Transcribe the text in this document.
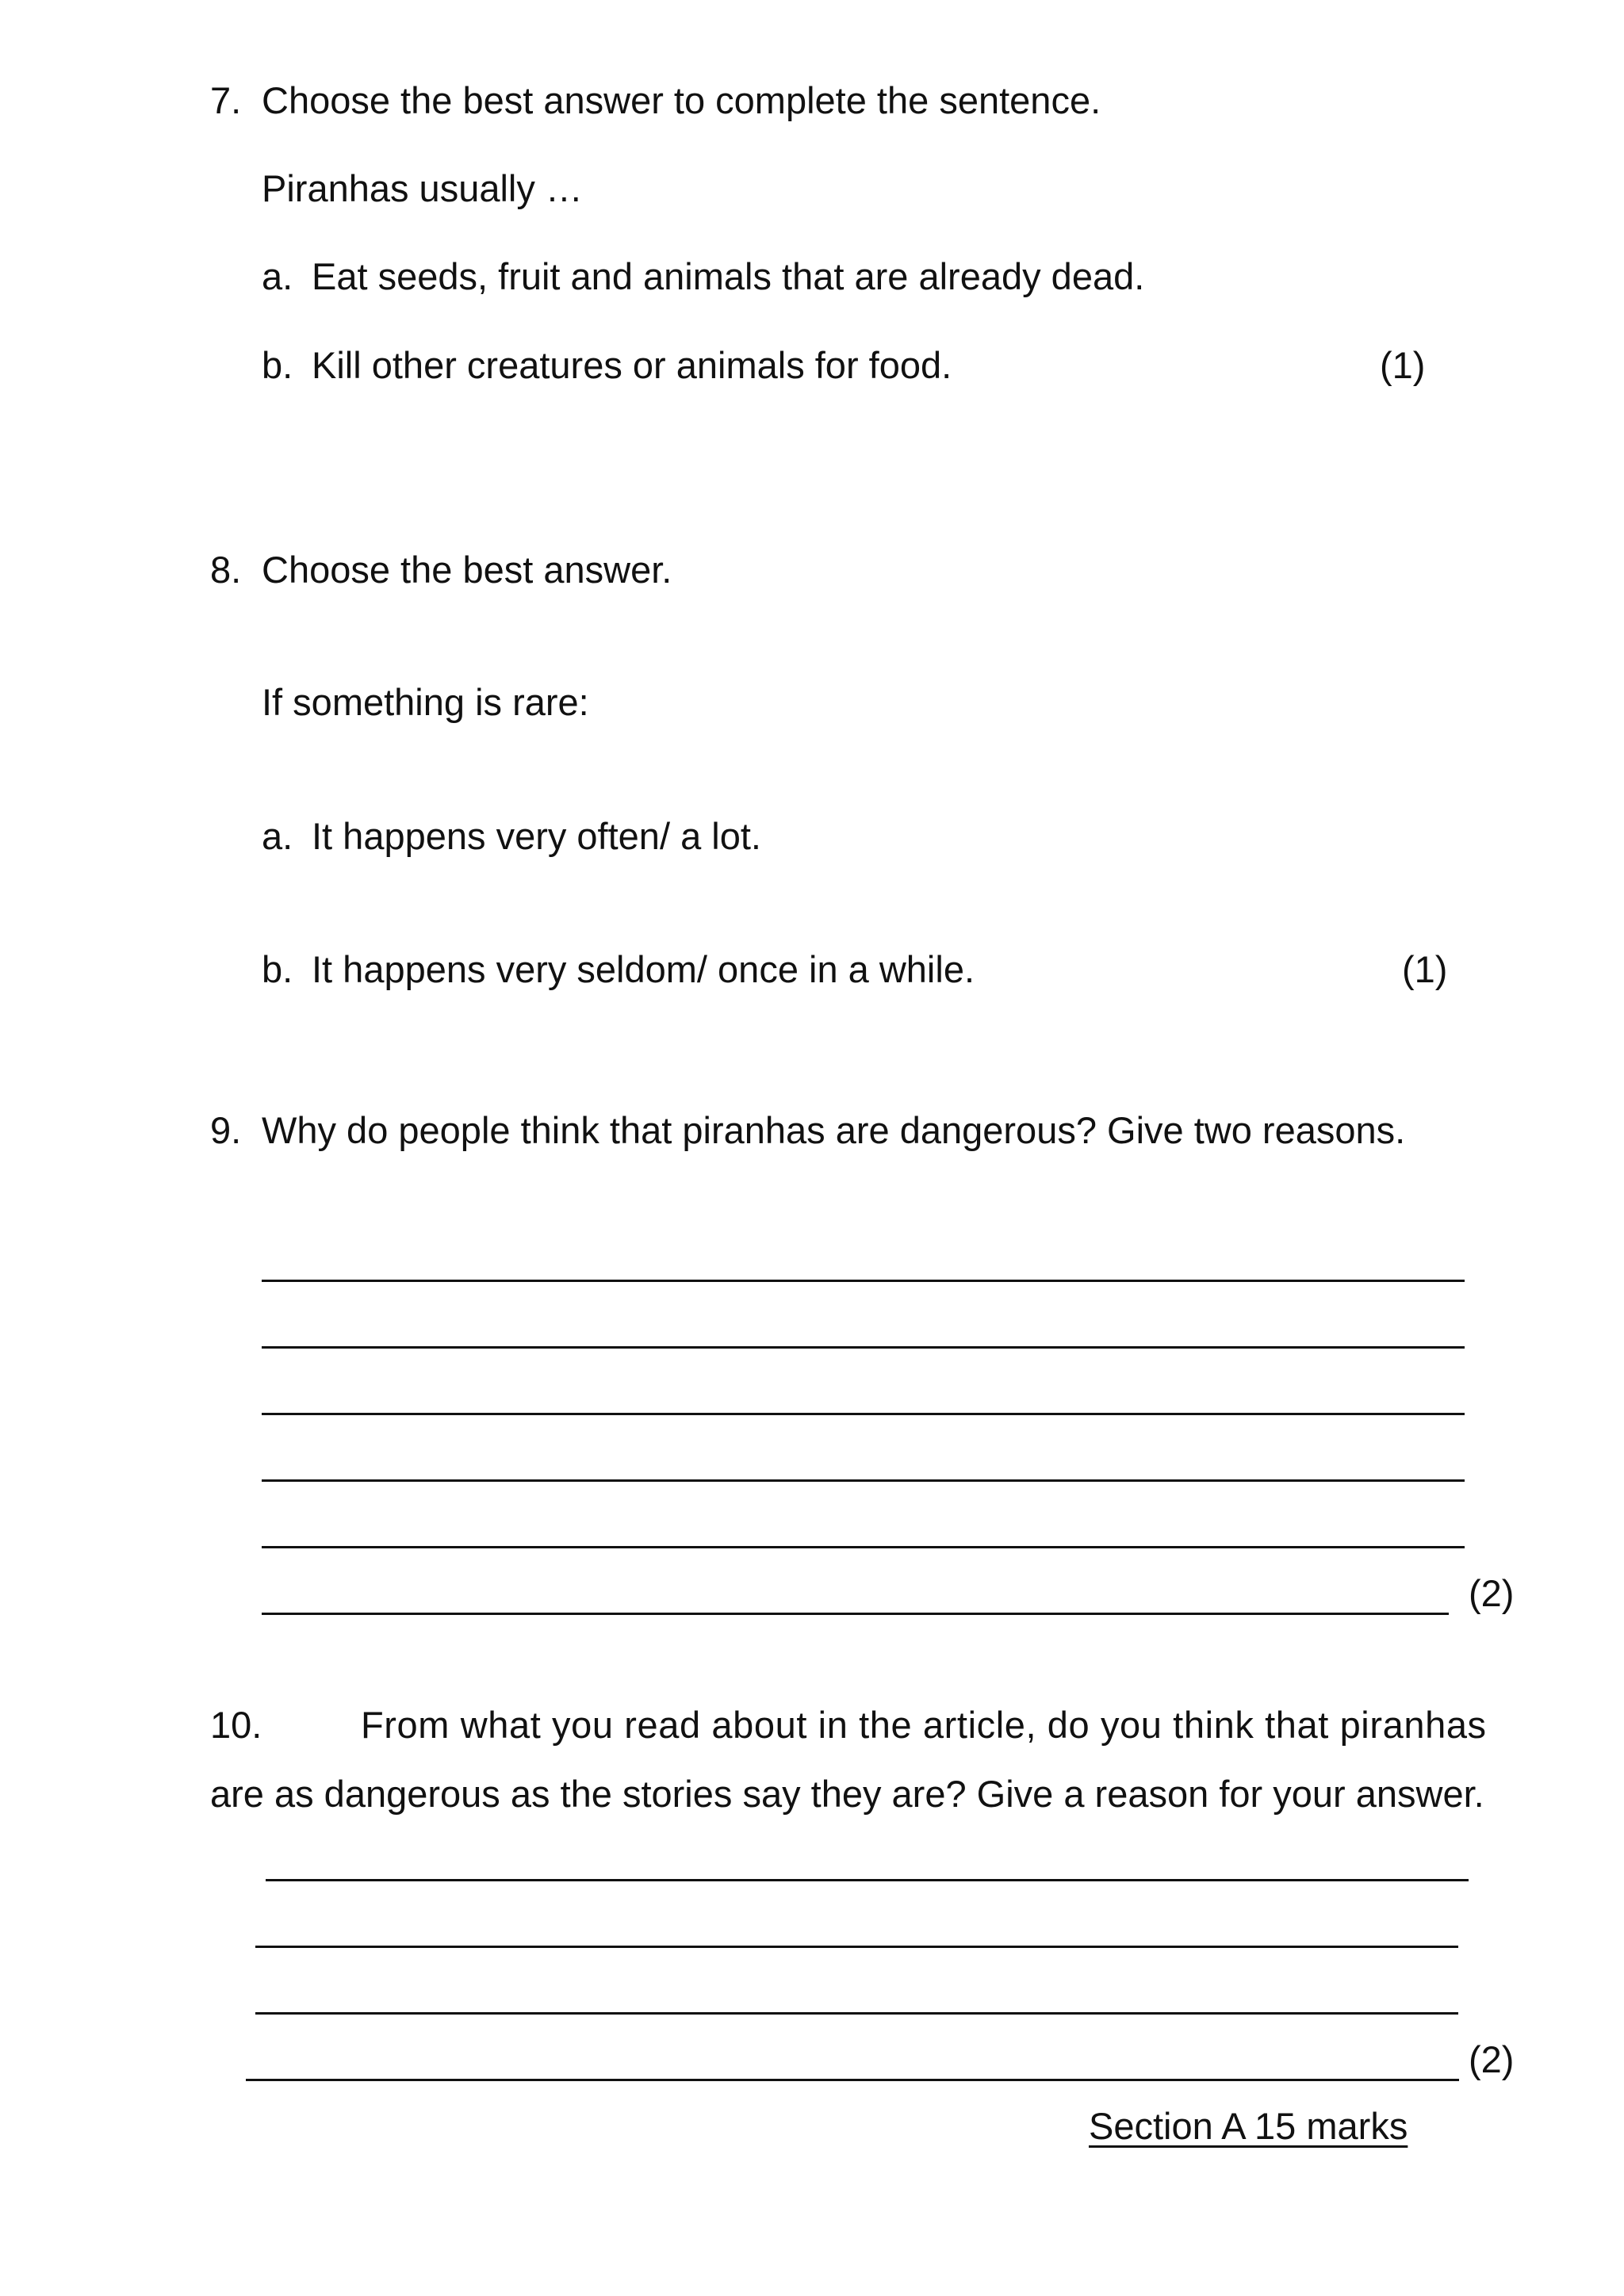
7. Choose the best answer to complete the sentence.
Piranhas usually …
a. Eat seeds, fruit and animals that are already dead.
b. Kill other creatures or animals for food.	(1)
8. Choose the best answer.
If something is rare:
a. It happens very often/ a lot.
b. It happens very seldom/ once in a while.	(1)
9. Why do people think that piranhas are dangerous? Give two reasons.
(2)
10.	From what you read about in the article, do you think that piranhas
are as dangerous as the stories say they are? Give a reason for your answer.
(2)
Section A 15 marks
